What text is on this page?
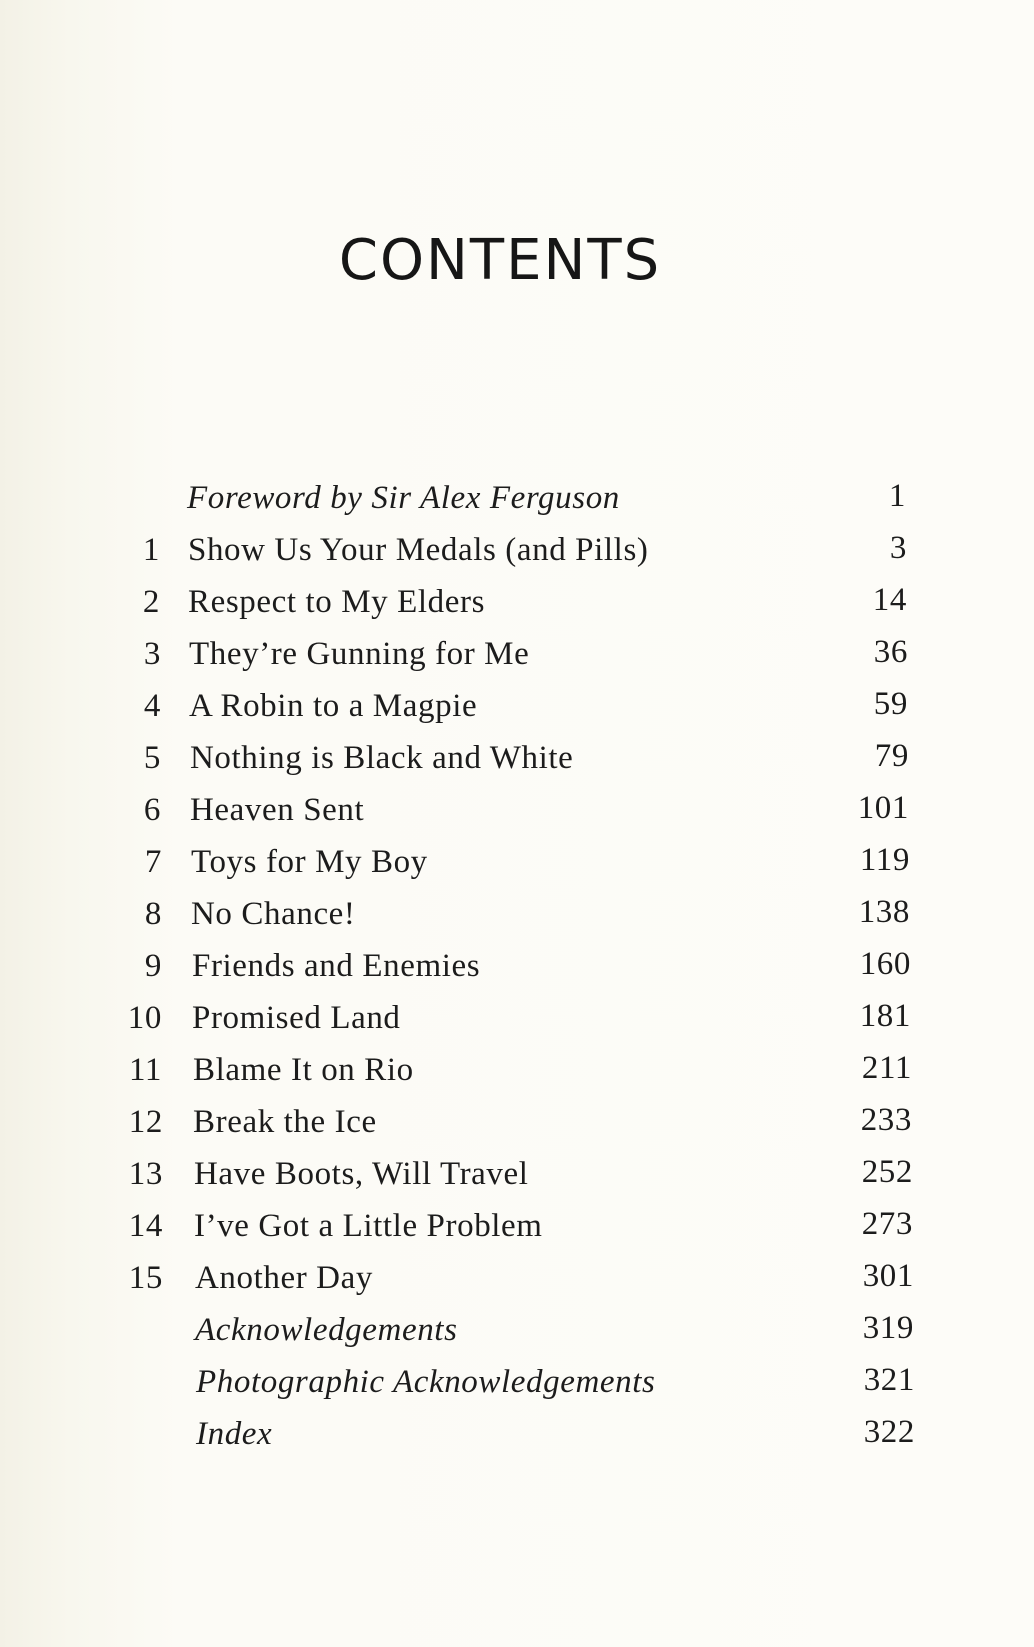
CONTENTS
Foreword by Sir Alex Ferguson	1
1 Show Us Your Medals (and Pills)	3
2 Respect to My Elders	14
3 They’re Gunning for Me	36
4 A Robin to a Magpie	59
5 Nothing is Black and White	79
6 Heaven Sent	101
7 Toys for My Boy	119
8 No Chance!	138
9 Friends and Enemies	160
10 Promised Land	181
11 Blame It on Rio	211
12 Break the Ice	233
13 Have Boots, Will Travel	252
14 I’ve Got a Little Problem	273
15 Another Day	301
Acknowledgements	319
Photographic Acknowledgements	321
Index	322
